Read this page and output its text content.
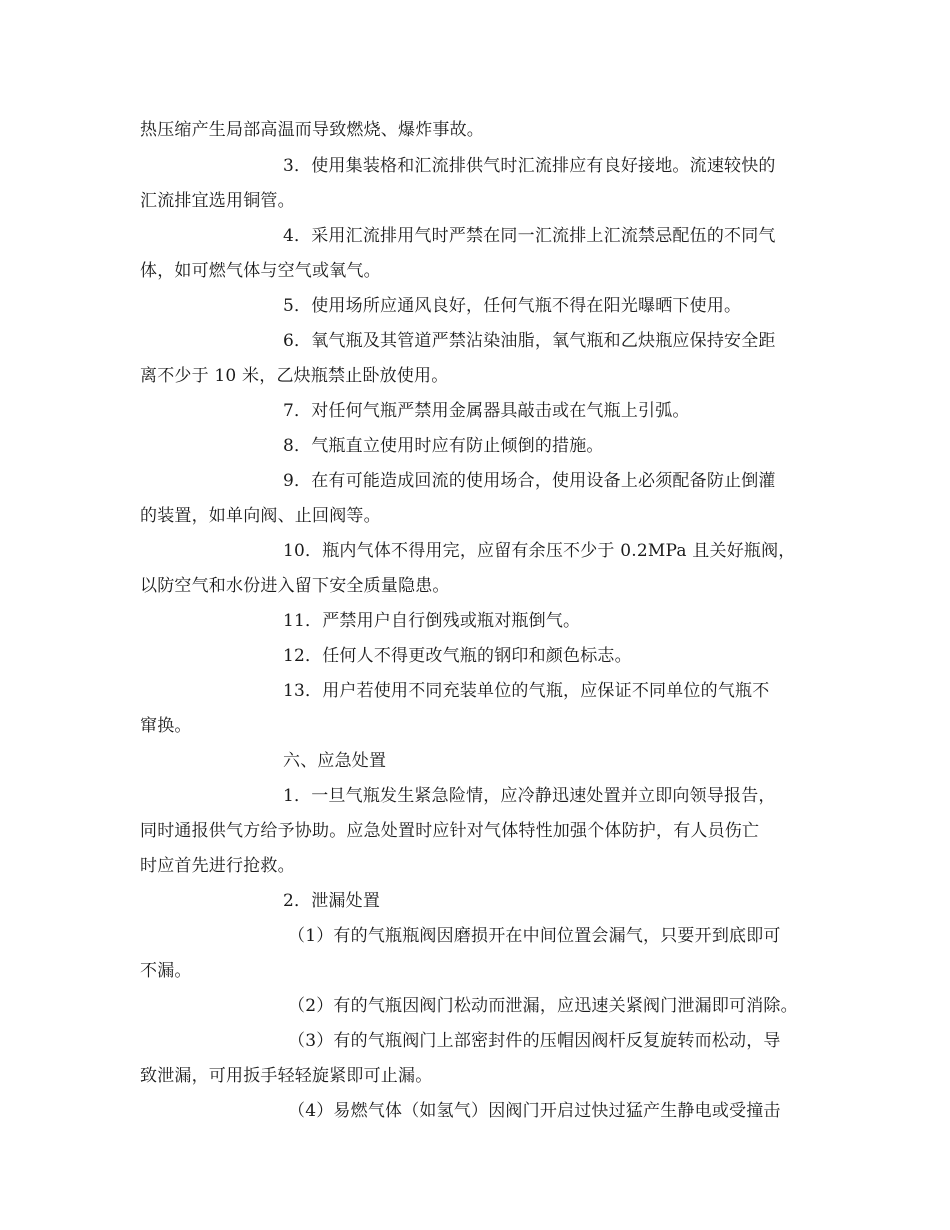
热压缩产生局部高温而导致燃烧、爆炸事故。
3．使用集装格和汇流排供气时汇流排应有良好接地。流速较快的
汇流排宜选用铜管。
4．采用汇流排用气时严禁在同一汇流排上汇流禁忌配伍的不同气
体，如可燃气体与空气或氧气。
5．使用场所应通风良好，任何气瓶不得在阳光曝晒下使用。
6．氧气瓶及其管道严禁沾染油脂，氧气瓶和乙炔瓶应保持安全距
离不少于 10 米，乙炔瓶禁止卧放使用。
7．对任何气瓶严禁用金属器具敲击或在气瓶上引弧。
8．气瓶直立使用时应有防止倾倒的措施。
9．在有可能造成回流的使用场合，使用设备上必须配备防止倒灌
的装置，如单向阀、止回阀等。
10．瓶内气体不得用完，应留有余压不少于 0.2MPa 且关好瓶阀，
以防空气和水份进入留下安全质量隐患。
11．严禁用户自行倒残或瓶对瓶倒气。
12．任何人不得更改气瓶的钢印和颜色标志。
13．用户若使用不同充装单位的气瓶，应保证不同单位的气瓶不
窜换。
六、应急处置
1．一旦气瓶发生紧急险情，应冷静迅速处置并立即向领导报告，
同时通报供气方给予协助。应急处置时应针对气体特性加强个体防护，有人员伤亡
时应首先进行抢救。
2．泄漏处置
（1）有的气瓶瓶阀因磨损开在中间位置会漏气，只要开到底即可
不漏。
（2）有的气瓶因阀门松动而泄漏，应迅速关紧阀门泄漏即可消除。
（3）有的气瓶阀门上部密封件的压帽因阀杆反复旋转而松动，导
致泄漏，可用扳手轻轻旋紧即可止漏。
（4）易燃气体（如氢气）因阀门开启过快过猛产生静电或受撞击
